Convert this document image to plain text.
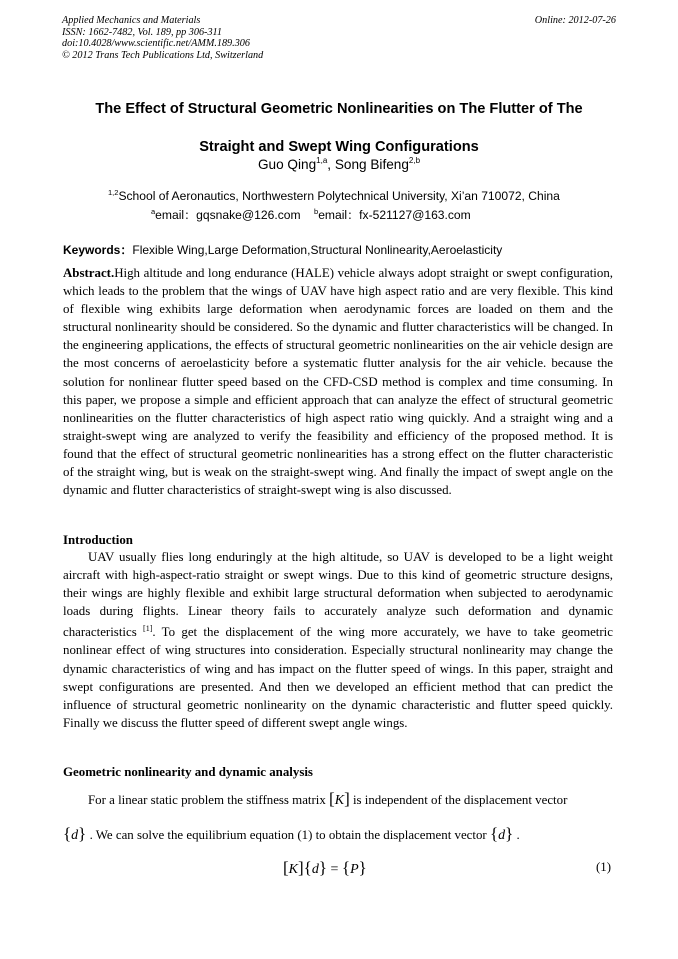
Applied Mechanics and Materials
ISSN: 1662-7482, Vol. 189, pp 306-311
doi:10.4028/www.scientific.net/AMM.189.306
© 2012 Trans Tech Publications Ltd, Switzerland
Online: 2012-07-26
The Effect of Structural Geometric Nonlinearities on The Flutter of The
Straight and Swept Wing Configurations
Guo Qing$^{1,a}$, Song Bifeng$^{2,b}$
$^{1,2}$School of Aeronautics, Northwestern Polytechnical University, Xi’an 710072, China
$^a$email：gqsnake@126.com $^b$email：fx-521127@163.com
Keywords：Flexible Wing,Large Deformation,Structural Nonlinearity,Aeroelasticity
Abstract.High altitude and long endurance (HALE) vehicle always adopt straight or swept configuration, which leads to the problem that the wings of UAV have high aspect ratio and are very flexible. This kind of flexible wing exhibits large deformation when aerodynamic forces are loaded on them and the structural nonlinearity should be considered. So the dynamic and flutter characteristics will be changed. In the engineering applications, the effects of structural geometric nonlinearities on the air vehicle design are the most concerns of aeroelasticity before a systematic flutter analysis for the air vehicle. because the solution for nonlinear flutter speed based on the CFD-CSD method is complex and time consuming. In this paper, we propose a simple and efficient approach that can analyze the effect of structural geometric nonlinearities on the flutter characteristics of high aspect ratio wing quickly. And a straight wing and a straight-swept wing are analyzed to verify the feasibility and efficiency of the proposed method. It is found that the effect of structural geometric nonlinearities has a strong effect on the flutter characteristic of the straight wing, but is weak on the straight-swept wing. And finally the impact of swept angle on the dynamic and flutter characteristics of straight-swept wing is also discussed.
Introduction
UAV usually flies long enduringly at the high altitude, so UAV is developed to be a light weight aircraft with high-aspect-ratio straight or swept wings. Due to this kind of geometric structure designs, their wings are highly flexible and exhibit large structural deformation when subjected to aerodynamic loads during flights. Linear theory fails to accurately analyze such deformation and dynamic characteristics [1]. To get the displacement of the wing more accurately, we have to take geometric nonlinear effect of wing structures into consideration. Especially structural nonlinearity may change the dynamic characteristics of wing and has impact on the flutter speed of wings. In this paper, straight and swept configurations are presented. And then we developed an efficient method that can predict the influence of structural geometric nonlinearity on the dynamic characteristic and flutter speed quickly. Finally we discuss the flutter speed of different swept angle wings.
Geometric nonlinearity and dynamic analysis
For a linear static problem the stiffness matrix [K] is independent of the displacement vector
{d} . We can solve the equilibrium equation (1) to obtain the displacement vector {d} .
[K]{d} = {P}	(1)
